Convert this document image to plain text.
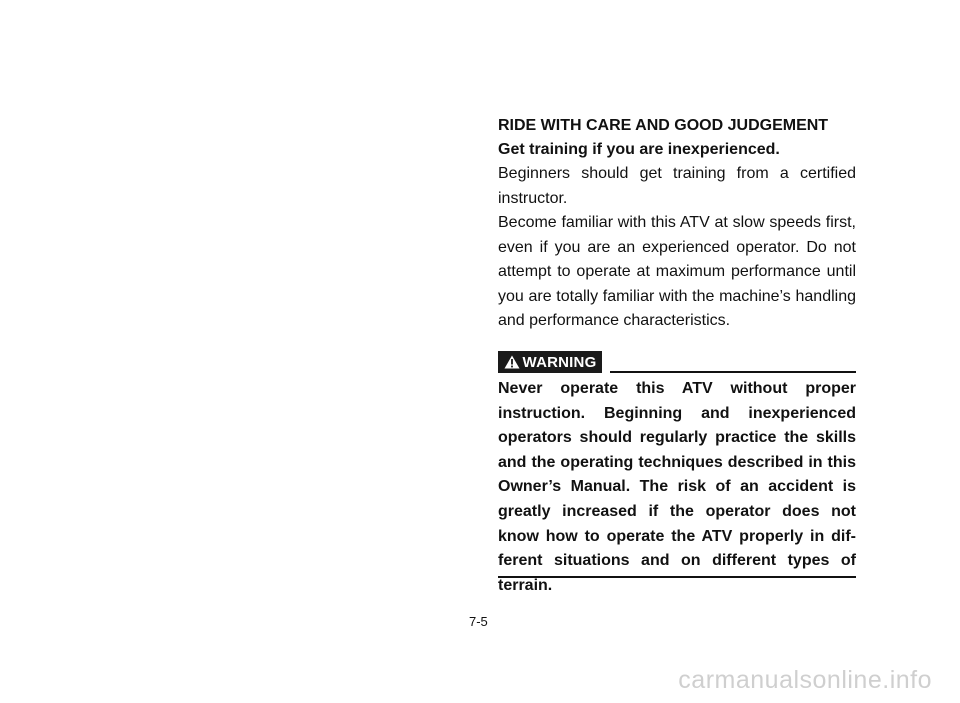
RIDE WITH CARE AND GOOD JUDGEMENT

Get training if you are inexperienced.

Beginners should get training from a certified instructor.

Become familiar with this ATV at slow speeds first, even if you are an experienced operator. Do not attempt to operate at maximum performance until you are totally familiar with the machine’s handling and performance characteristics.

WARNING

Never operate this ATV without proper instruction. Beginning and inexperienced operators should regularly practice the skills and the operating techniques described in this Owner’s Manual. The risk of an accident is greatly increased if the operator does not know how to operate the ATV properly in different situations and on different types of terrain.

7-5
carmanualsonline.info
